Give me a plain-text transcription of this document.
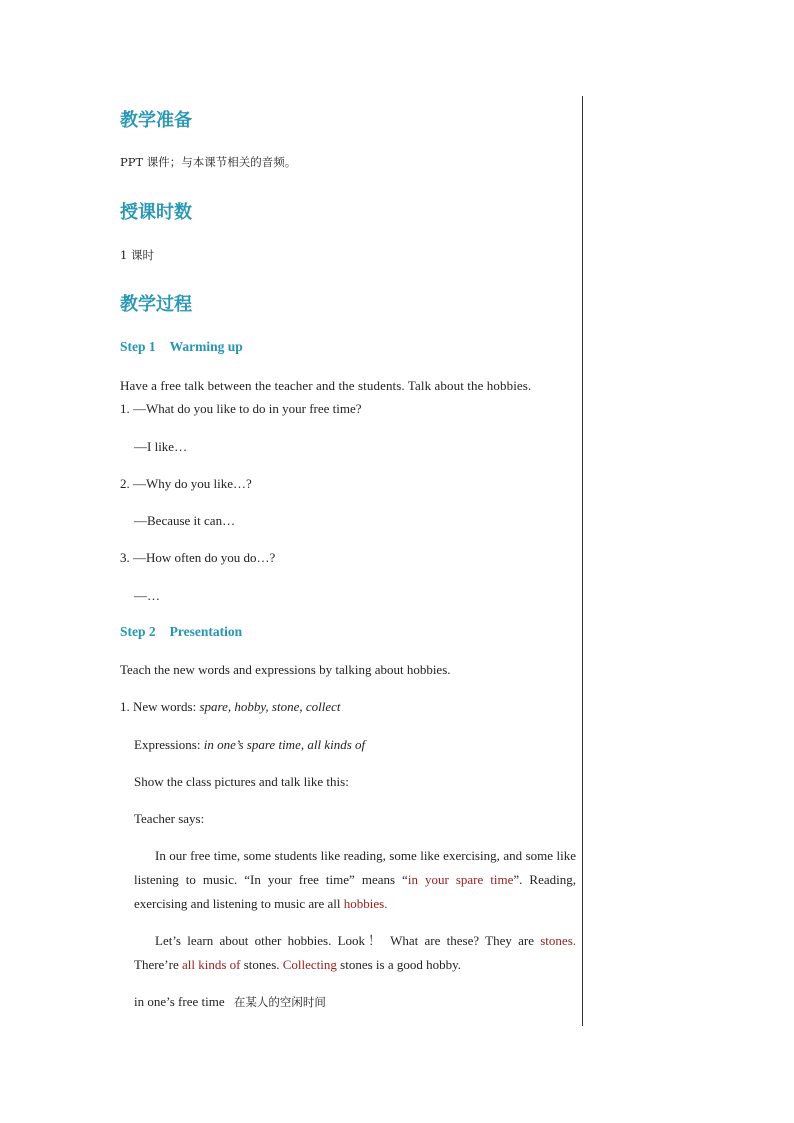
教学准备
PPT 课件；与本课节相关的音频。
授课时数
1 课时
教学过程
Step 1 Warming up
Have a free talk between the teacher and the students. Talk about the hobbies.
1. —What do you like to do in your free time?
—I like…
2. —Why do you like…?
—Because it can…
3. —How often do you do…?
—…
Step 2 Presentation
Teach the new words and expressions by talking about hobbies.
1. New words: spare, hobby, stone, collect
Expressions: in one’s spare time, all kinds of
Show the class pictures and talk like this:
Teacher says:
In our free time, some students like reading, some like exercising, and some like listening to music. “In your free time” means “in your spare time”. Reading, exercising and listening to music are all hobbies.
Let’s learn about other hobbies. Look！ What are these? They are stones. There’re all kinds of stones. Collecting stones is a good hobby.
in one’s free time 在某人的空闲时间
